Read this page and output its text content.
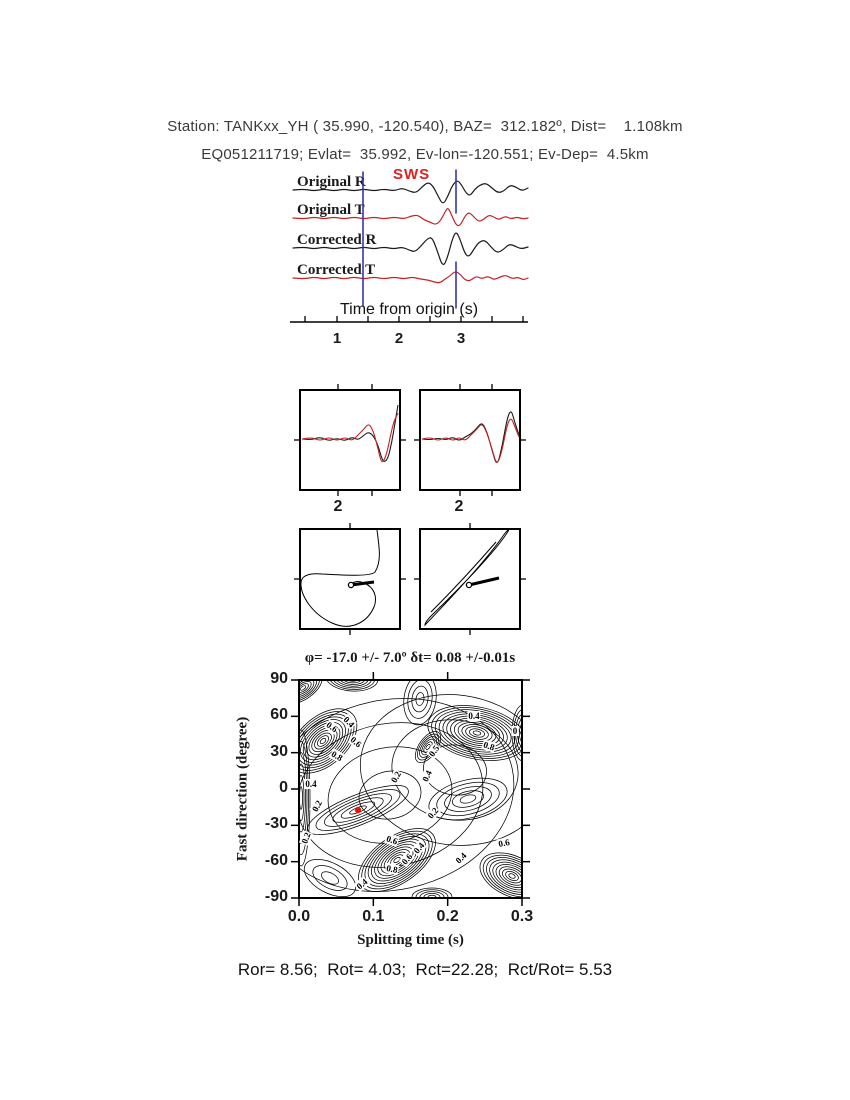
Station: TANKxx_YH ( 35.990, -120.540), BAZ=  312.182º, Dist=    1.108km
EQ051211719; Evlat=  35.992, Ev-lon=-120.551; Ev-Dep=  4.5km
SWS
Original R
Original T
Corrected R
Corrected T
Time from origin (s)
1	2	3
2	2
φ= -17.0 +/- 7.0º δt= 0.08 +/-0.01s
Fast direction (degree)
Splitting time (s)
90
60
30
0
-30
-60
-90
0.0	0.1	0.2	0.3
Ror= 8.56;  Rot= 4.03;  Rct=22.28;  Rct/Rot= 5.53
0.6 0.4
0.6
0.8
0.4
0.2
0.2 0.4
0.5
0.4
0
0.8
0.2
0.6
0.4
0.6
0.8
0.4
0.4
0.6
0.2
